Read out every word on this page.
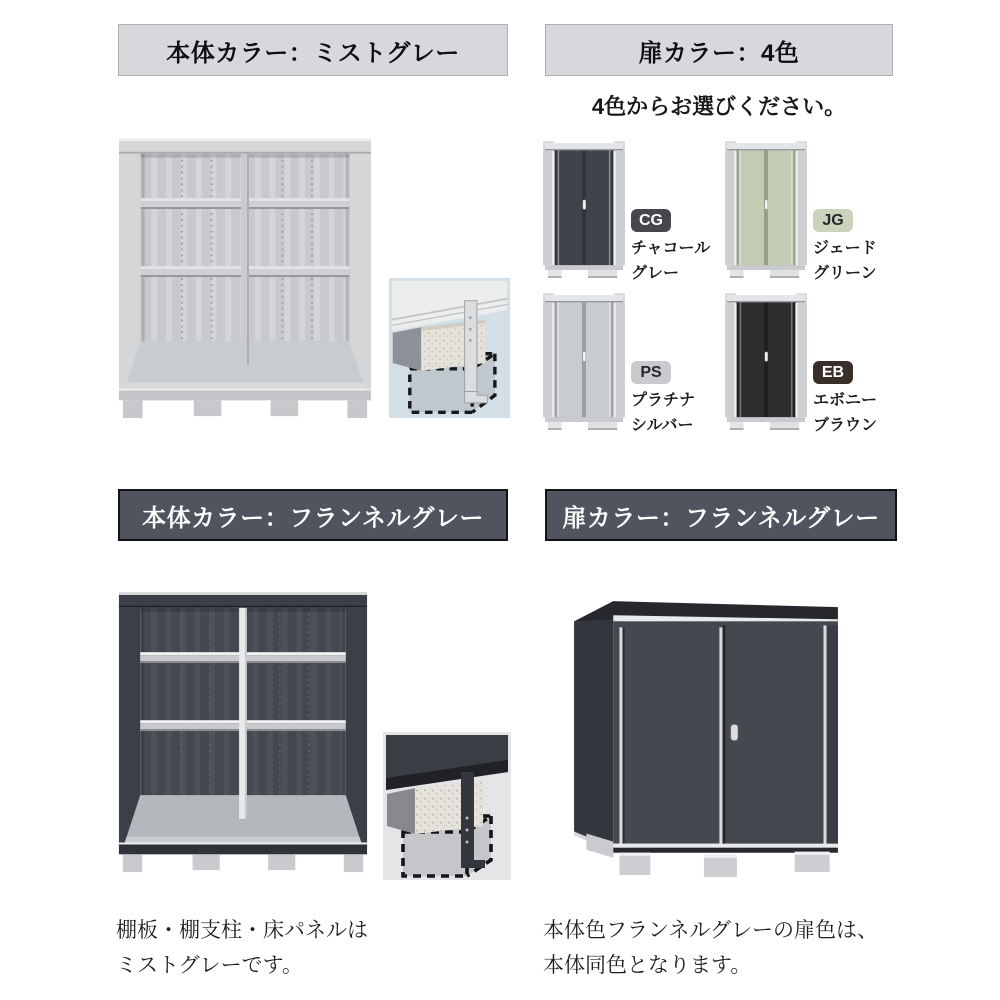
本体カラー：ミストグレー	扉カラー：4色
4色からお選びください。
CG
チャコール
グレー
JG
ジェード
グリーン
PS
プラチナ
シルバー
EB
エボニー
ブラウン
本体カラー：フランネルグレー
棚板・棚支柱・床パネルは
ミストグレーです。
扉カラー：フランネルグレー
本体色フランネルグレーの扉色は、
本体同色となります。
